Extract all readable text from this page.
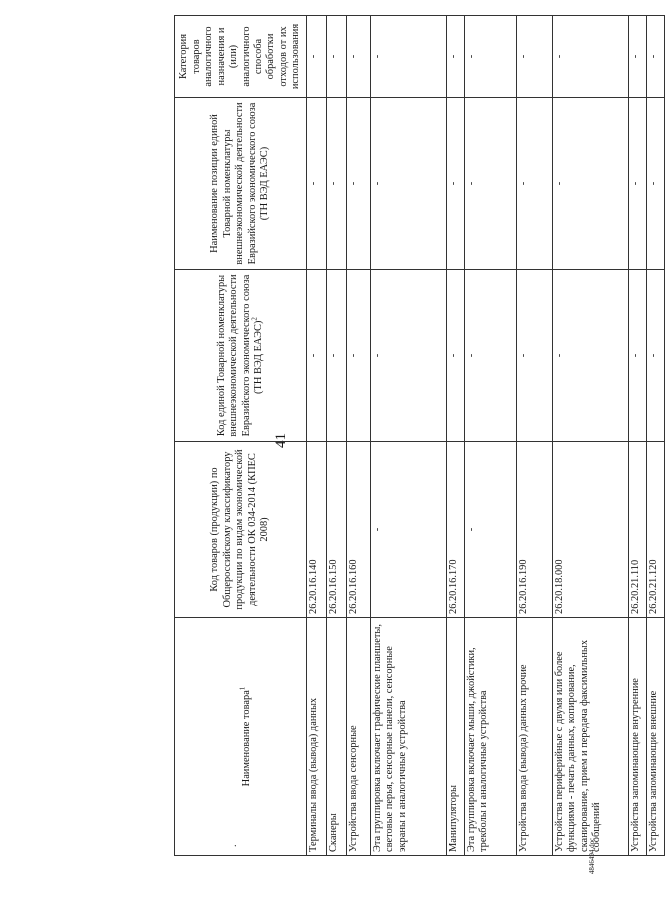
41
4846494.doc
.
Наименование товара$^1$	Код товаров (продукции) по Общероссийскому классификатору продукции по видам экономической деятельности ОК 034-2014 (КПЕС 2008)	Код единой Товарной номенклатуры внешнеэкономической деятельности Евразийского экономического союза (ТН ВЭД ЕАЭС)$^2$	Наименование позиции единой Товарной номенклатуры внешнеэкономической деятельности Евразийского экономического союза (ТН ВЭД ЕАЭС)	Категория товаров аналогичного назначения и (или) аналогичного способа обработки отходов от их использования
Терминалы ввода (вывода) данных	26.20.16.140	-	-	-
Сканеры	26.20.16.150	-	-	-
Устройства ввода сенсорные	26.20.16.160	-	-	-
Эта группировка включает графические планшеты, световые перья, сенсорные панели, сенсорные экраны и аналогичные устройства	-	-	-	-
Манипуляторы	26.20.16.170	-	-	-
Эта группировка включает мыши, джойстики, трекболы и аналогичные устройства	-	-	-	-
Устройства ввода (вывода) данных прочие	26.20.16.190	-	-	-
Устройства периферийные с двумя или более функциями - печать данных, копирование, сканирование, прием и передача факсимильных сообщений	26.20.18.000	-	-	-
Устройства запоминающие внутренние	26.20.21.110	-	-	-
Устройства запоминающие внешние	26.20.21.120	-	-	-
